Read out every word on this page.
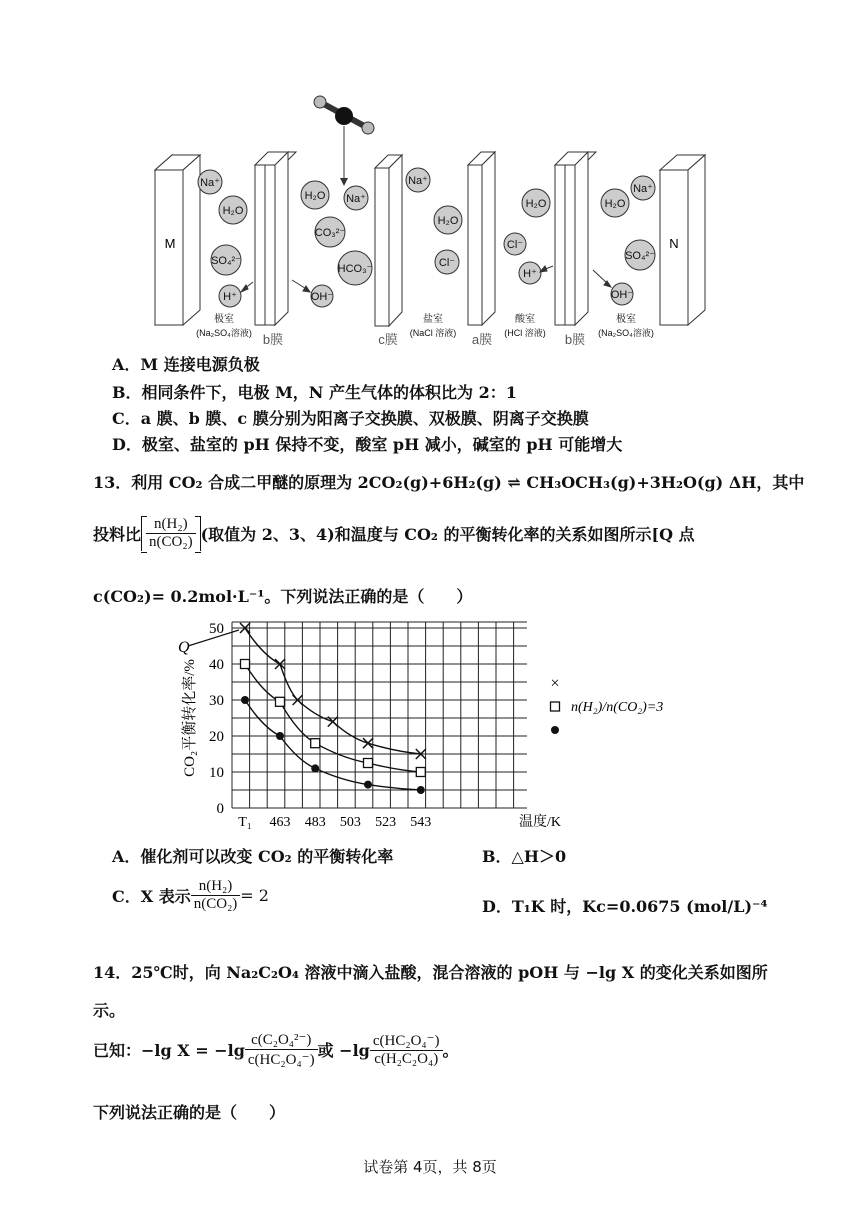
M	N
Na⁺
H₂O
SO₄²⁻
H⁺
H₂O Na⁺
CO₃²⁻
HCO₃⁻
OH⁻
Na⁺
H₂O
Cl⁻
H₂O
Cl⁻
H⁺
H₂O
Na⁺
SO₄²⁻
OH⁻
极室
(Na₂SO₄溶液)
盐室
(NaCl 溶液)
酸室
(HCl 溶液)
极室
(Na₂SO₄溶液)
b膜	c膜	a膜	b膜
A．M 连接电源负极
B．相同条件下，电极 M，N 产生气体的体积比为 2：1
C．a 膜、b 膜、c 膜分别为阳离子交换膜、双极膜、阴离子交换膜
D．极室、盐室的 pH 保持不变，酸室 pH 减小，碱室的 pH 可能增大
13．利用 CO₂ 合成二甲醚的原理为 2CO₂(g)+6H₂(g) ⇌ CH₃OCH₃(g)+3H₂O(g) ΔH，其中
投料比 $\frac{\text{n(H₂)}}{\text{n(CO₂)}}$ (取值为 2、3、4)和温度与 CO₂ 的平衡转化率的关系如图所示[Q 点
c(CO₂)= 0.2mol·L⁻¹。下列说法正确的是（　　）
0
10
20
30
40
50
T₁ 463 483 503 523 543	温度/K
CO₂平衡转化率/%
Q
×
n(H₂)/n(CO₂)=3
A．催化剂可以改变 CO₂ 的平衡转化率	B．△H＞0
C．X 表示 $\frac{\text{n(H₂)}}{\text{n(CO₂)}} = 2$
D．T₁K 时，Kc=0.0675 (mol/L)⁻⁴
14．25℃时，向 Na₂C₂O₄ 溶液中滴入盐酸，混合溶液的 pOH 与 −lg X 的变化关系如图所
示。
已知：−lg $X = -\lg \frac{\text{c(C₂O₄²⁻)}}{\text{c(HC₂O₄⁻)}}$ 或 $-\lg \frac{\text{c(HC₂O₄⁻)}}{\text{c(H₂C₂O₄)}}$ 。
下列说法正确的是（　　）
试卷第 4页，共 8页
